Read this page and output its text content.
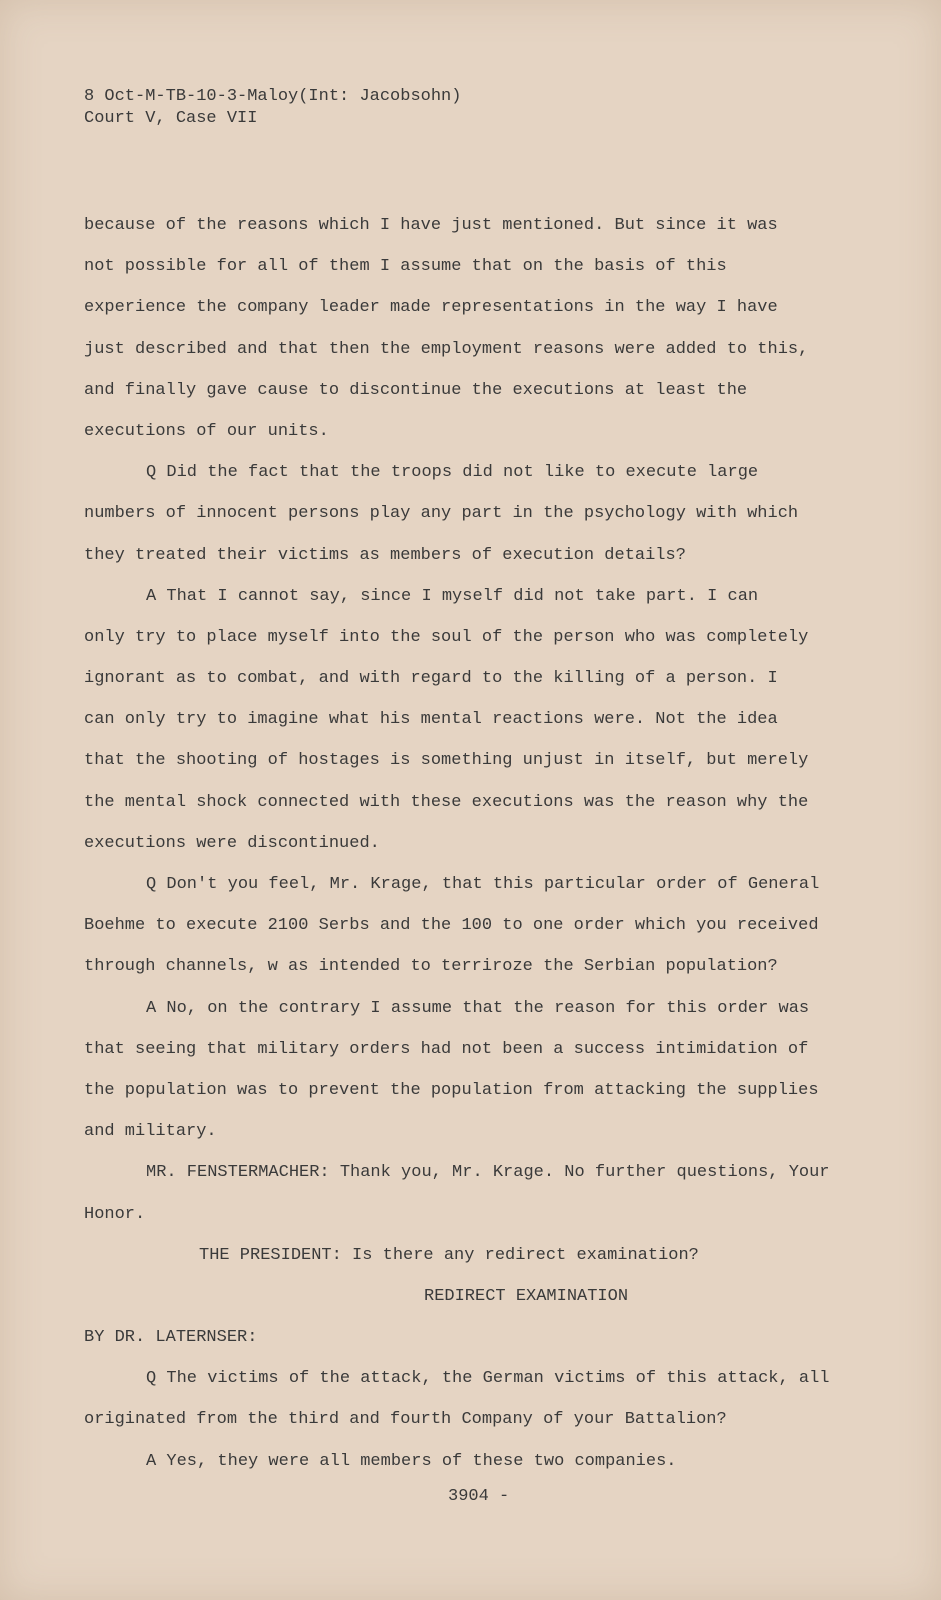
8 Oct-M-TB-10-3-Maloy(Int: Jacobsohn)
Court V, Case VII
because of the reasons which I have just mentioned. But since it was
not possible for all of them I assume that on the basis of this
experience the company leader made representations in the way I have
just described and that then the employment reasons were added to this,
and finally gave cause to discontinue the executions at least the
executions of our units.
Q Did the fact that the troops did not like to execute large
numbers of innocent persons play any part in the psychology with which
they treated their victims as members of execution details?
A That I cannot say, since I myself did not take part. I can
only try to place myself into the soul of the person who was completely
ignorant as to combat, and with regard to the killing of a person. I
can only try to imagine what his mental reactions were. Not the idea
that the shooting of hostages is something unjust in itself, but merely
the mental shock connected with these executions was the reason why the
executions were discontinued.
Q Don't you feel, Mr. Krage, that this particular order of General
Boehme to execute 2100 Serbs and the 100 to one order which you received
through channels, w as intended to terriroze the Serbian population?
A No, on the contrary I assume that the reason for this order was
that seeing that military orders had not been a success intimidation of
the population was to prevent the population from attacking the supplies
and military.
MR. FENSTERMACHER: Thank you, Mr. Krage. No further questions, Your
Honor.
THE PRESIDENT: Is there any redirect examination?
REDIRECT EXAMINATION
BY DR. LATERNSER:
Q The victims of the attack, the German victims of this attack, all
originated from the third and fourth Company of your Battalion?
A Yes, they were all members of these two companies.
3904 -
